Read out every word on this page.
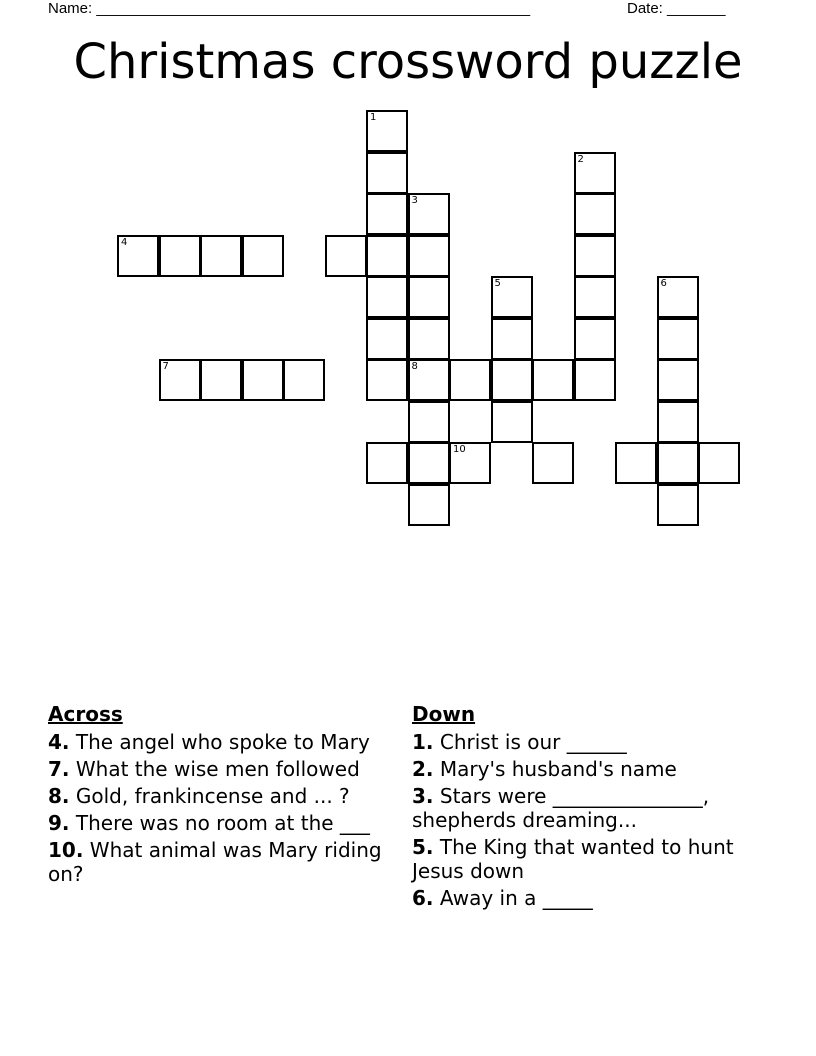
Name: ____________________________________________________	Date: _______
Christmas crossword puzzle
1
2
3
8
4
5	6
7
10
Across
4. The angel who spoke to Mary
7. What the wise men followed
8. Gold, frankincense and ... ?
9. There was no room at the ___
10. What animal was Mary riding on?
Down
1. Christ is our ______
2. Mary's husband's name
3. Stars were _______________, shepherds dreaming...
5. The King that wanted to hunt Jesus down
6. Away in a _____
